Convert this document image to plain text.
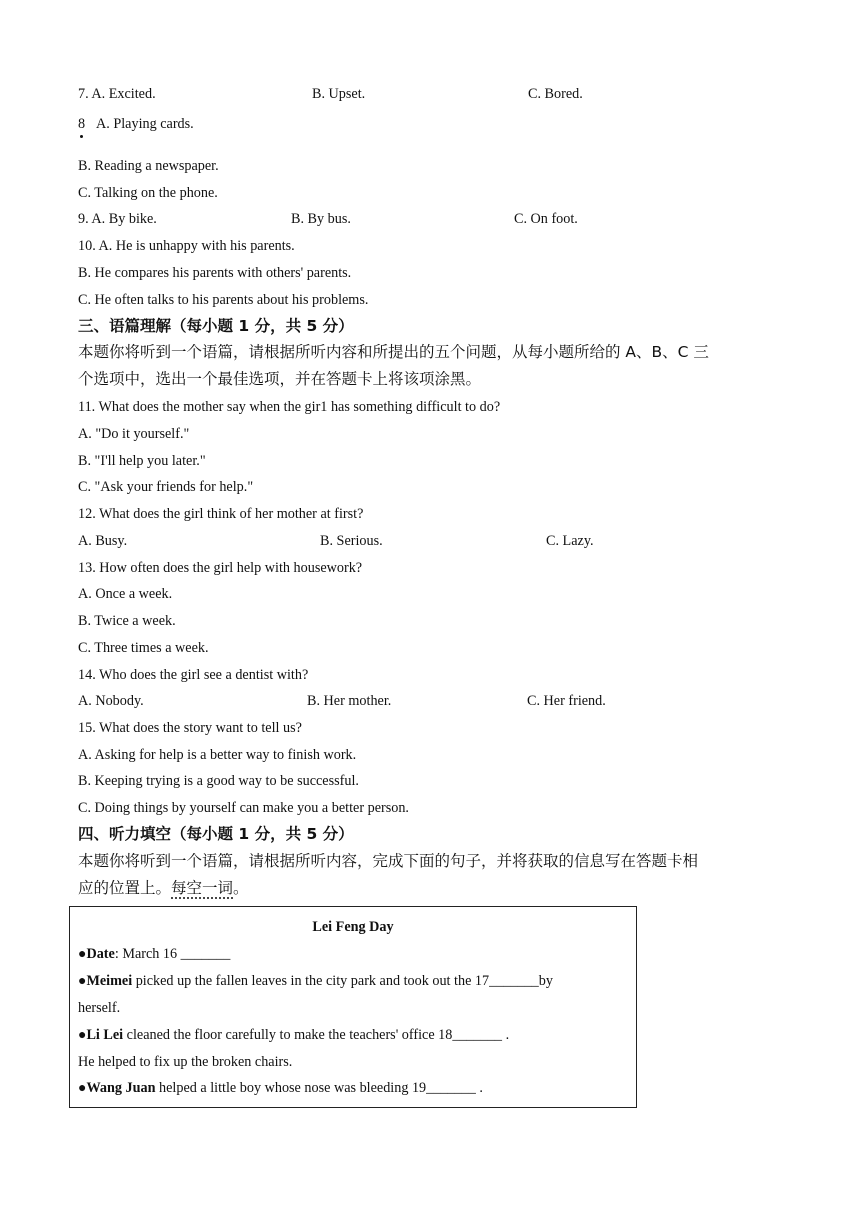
7. A. Excited.	B. Upset.	C. Bored.
8 A. Playing cards.
B. Reading a newspaper.
C. Talking on the phone.
9. A. By bike.	B. By bus.	C. On foot.
10. A. He is unhappy with his parents.
B. He compares his parents with others' parents.
C. He often talks to his parents about his problems.
三、语篇理解（每小题 1 分，共 5 分）
本题你将听到一个语篇，请根据所听内容和所提出的五个问题，从每小题所给的 A、B、C 三
个选项中，选出一个最佳选项，并在答题卡上将该项涂黑。
11. What does the mother say when the gir1 has something difficult to do?
A. "Do it yourself."
B. "I'll help you later."
C. "Ask your friends for help."
12. What does the girl think of her mother at first?
A. Busy.	B. Serious.	C. Lazy.
13. How often does the girl help with housework?
A. Once a week.
B. Twice a week.
C. Three times a week.
14. Who does the girl see a dentist with?
A. Nobody.	B. Her mother.	C. Her friend.
15. What does the story want to tell us?
A. Asking for help is a better way to finish work.
B. Keeping trying is a good way to be successful.
C. Doing things by yourself can make you a better person.
四、听力填空（每小题 1 分，共 5 分）
本题你将听到一个语篇，请根据所听内容，完成下面的句子，并将获取的信息写在答题卡相
应的位置上。每空一词。
Lei Feng Day
●Date: March 16 _______
●Meimei picked up the fallen leaves in the city park and took out the 17_______by
herself.
●Li Lei cleaned the floor carefully to make the teachers' office 18_______ .
He helped to fix up the broken chairs.
●Wang Juan helped a little boy whose nose was bleeding 19_______ .
